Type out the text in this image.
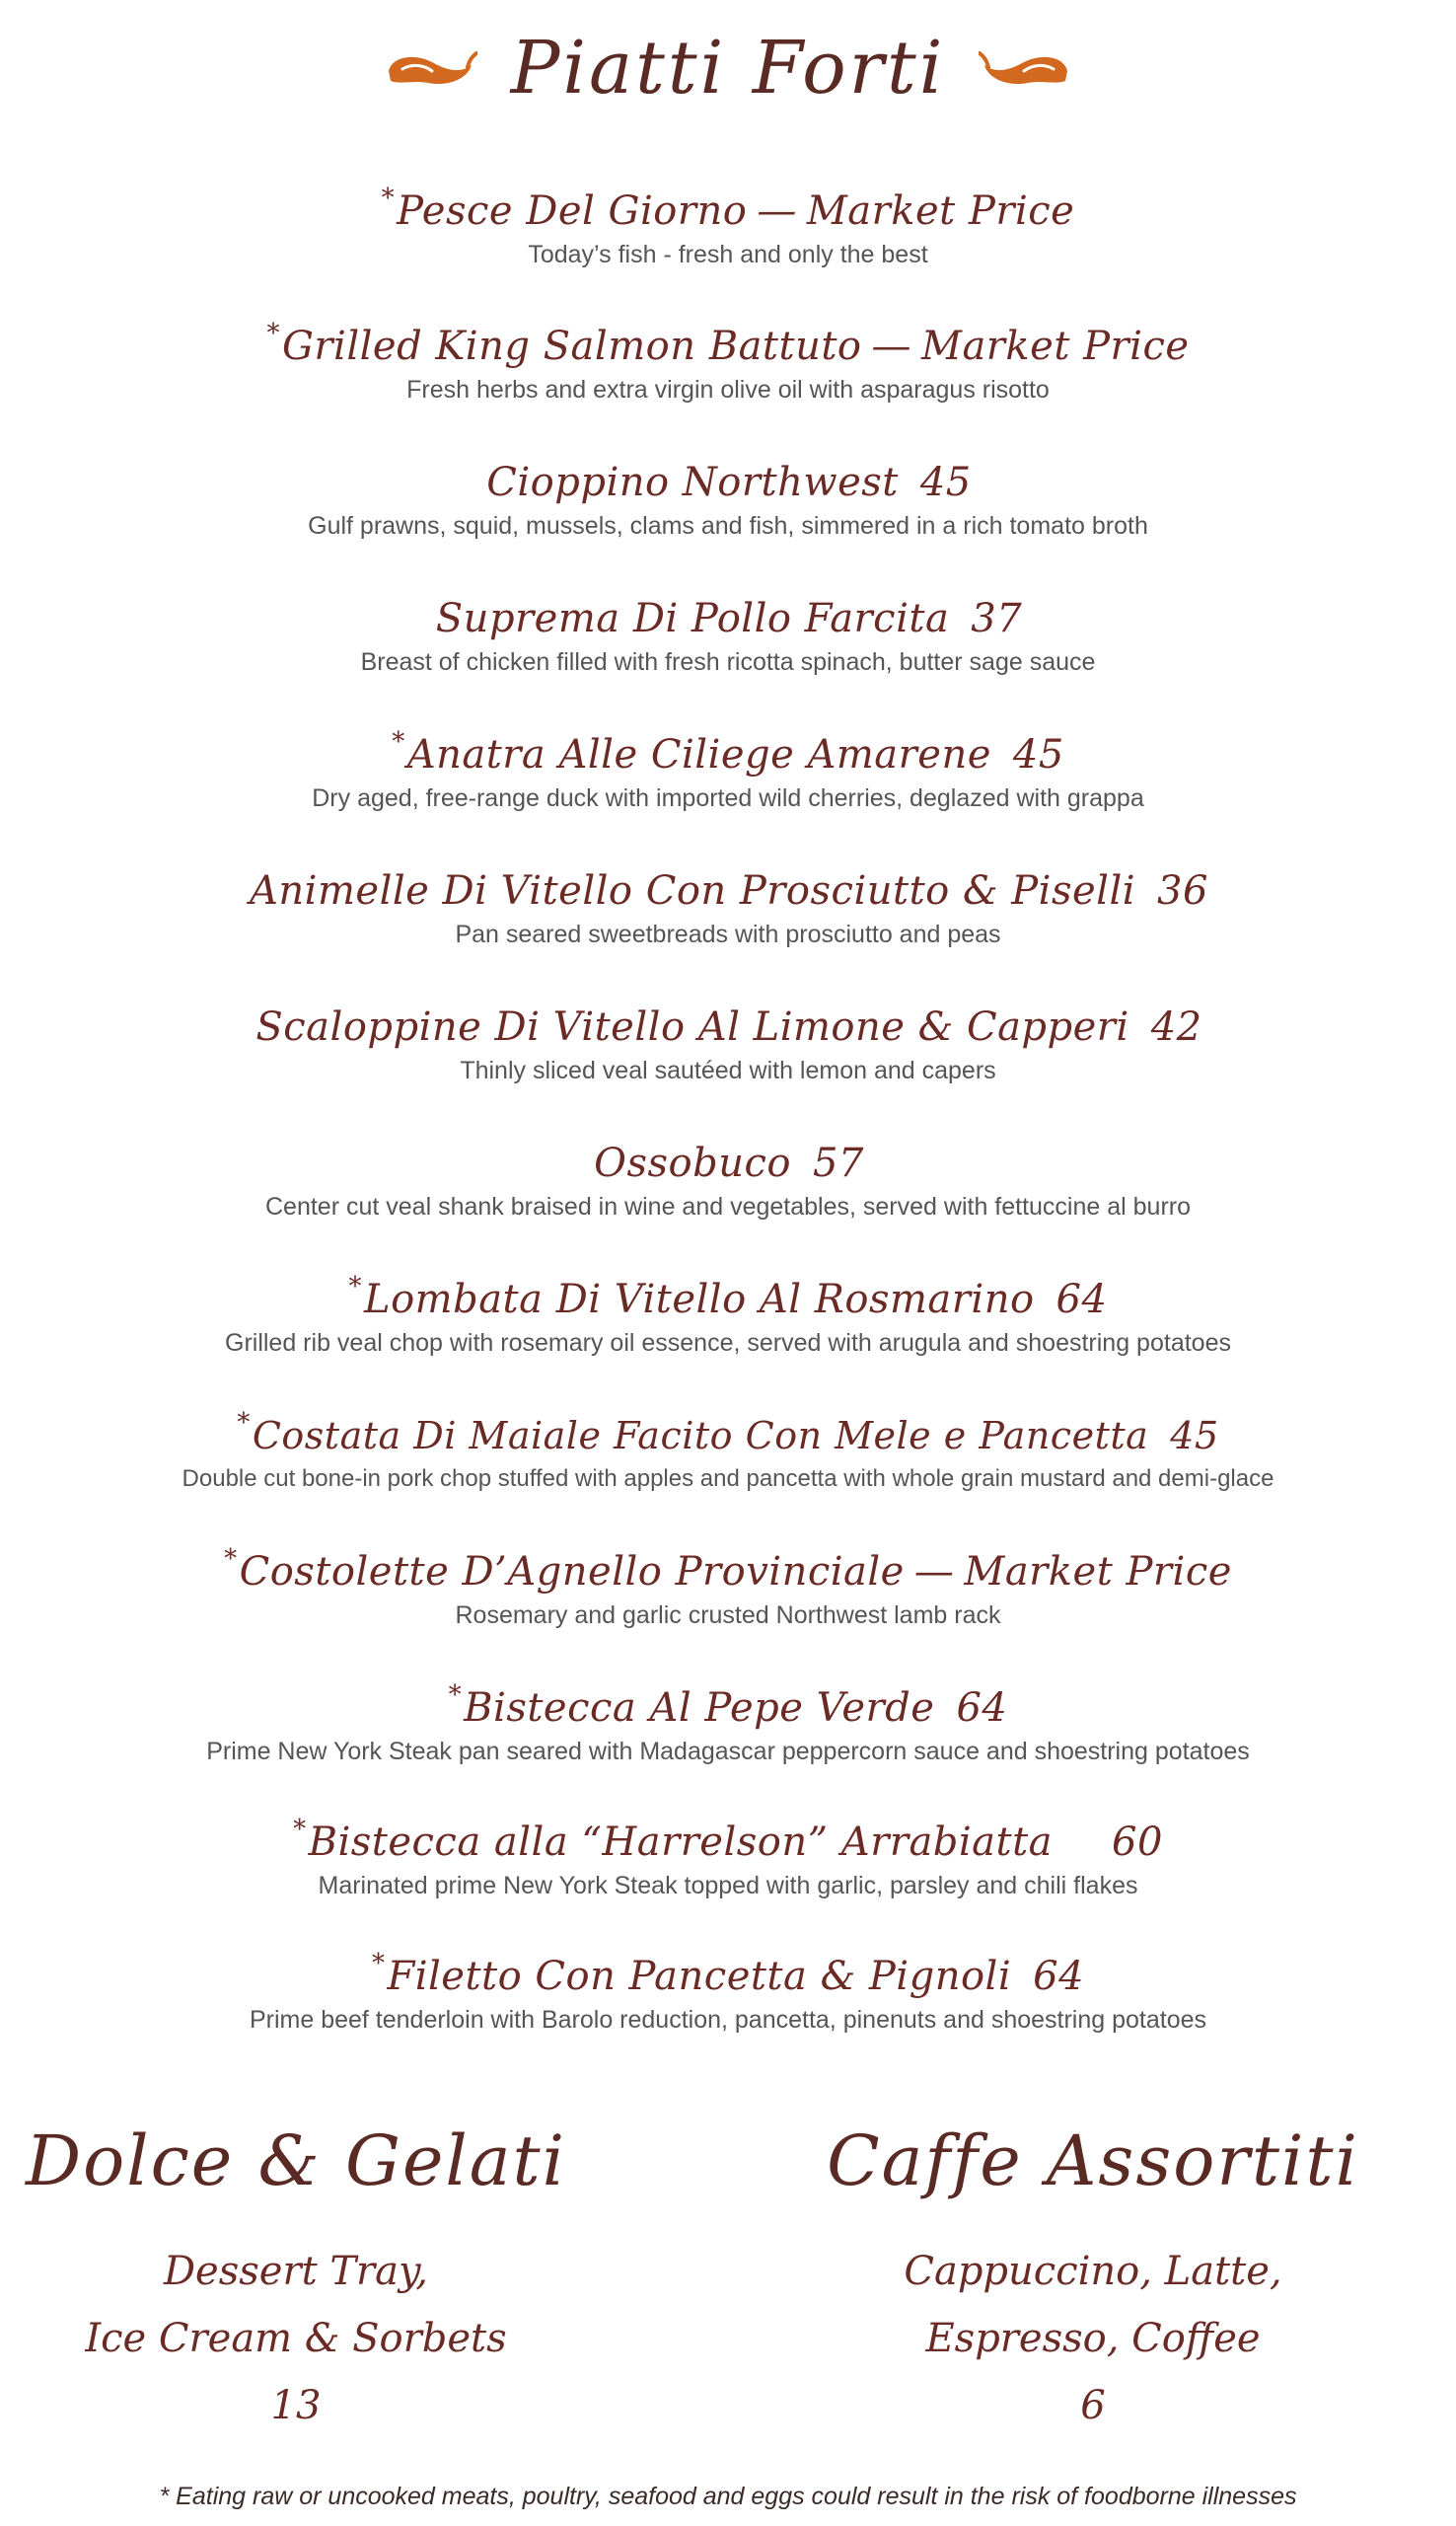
Piatti Forti
*Pesce Del Giorno — Market Price
Today’s fish - fresh and only the best
*Grilled King Salmon Battuto — Market Price
Fresh herbs and extra virgin olive oil with asparagus risotto
Cioppino Northwest 45
Gulf prawns, squid, mussels, clams and fish, simmered in a rich tomato broth
Suprema Di Pollo Farcita 37
Breast of chicken filled with fresh ricotta spinach, butter sage sauce
*Anatra Alle Ciliege Amarene 45
Dry aged, free-range duck with imported wild cherries, deglazed with grappa
Animelle Di Vitello Con Prosciutto & Piselli 36
Pan seared sweetbreads with prosciutto and peas
Scaloppine Di Vitello Al Limone & Capperi 42
Thinly sliced veal sautéed with lemon and capers
Ossobuco 57
Center cut veal shank braised in wine and vegetables, served with fettuccine al burro
*Lombata Di Vitello Al Rosmarino 64
Grilled rib veal chop with rosemary oil essence, served with arugula and shoestring potatoes
*Costata Di Maiale Facito Con Mele e Pancetta 45
Double cut bone-in pork chop stuffed with apples and pancetta with whole grain mustard and demi-glace
*Costolette D’Agnello Provinciale — Market Price
Rosemary and garlic crusted Northwest lamb rack
*Bistecca Al Pepe Verde 64
Prime New York Steak pan seared with Madagascar peppercorn sauce and shoestring potatoes
*Bistecca alla “Harrelson” Arrabiatta 60
Marinated prime New York Steak topped with garlic, parsley and chili flakes
*Filetto Con Pancetta & Pignoli 64
Prime beef tenderloin with Barolo reduction, pancetta, pinenuts and shoestring potatoes
Dolce & Gelati
Dessert Tray,
Ice Cream & Sorbets
13
Caffe Assortiti
Cappuccino, Latte,
Espresso, Coffee
6
* Eating raw or uncooked meats, poultry, seafood and eggs could result in the risk of foodborne illnesses
